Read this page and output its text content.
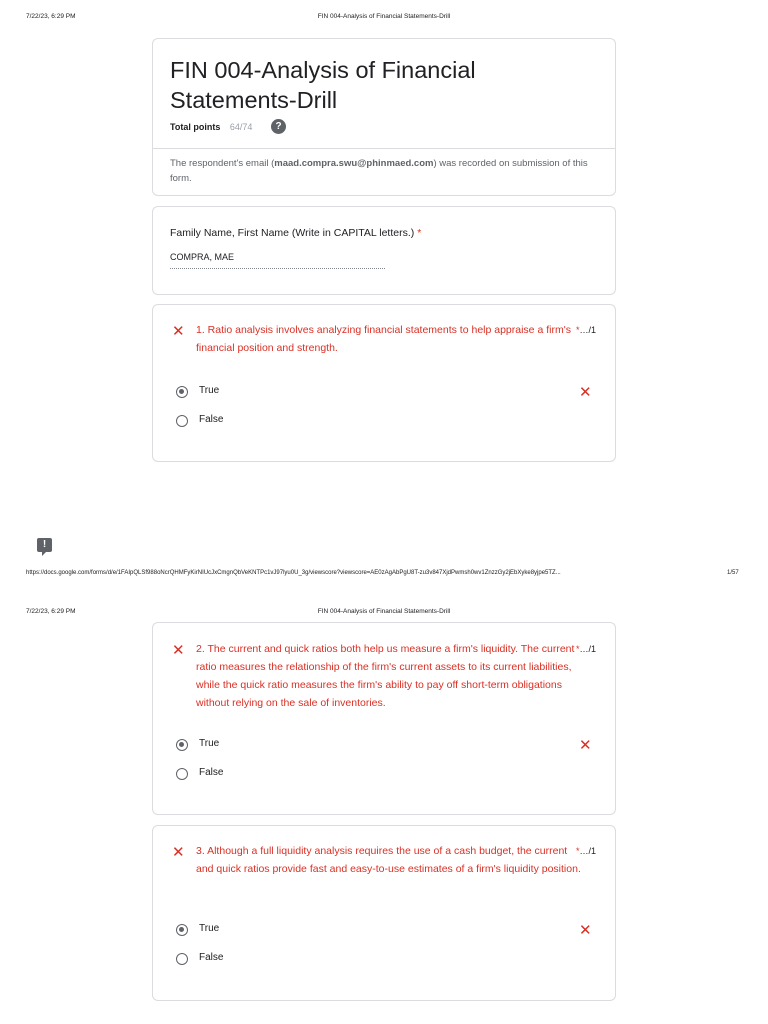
7/22/23, 6:29 PM	FIN 004-Analysis of Financial Statements-Drill
FIN 004-Analysis of Financial Statements-Drill
Total points 64/74	?
The respondent's email (maad.compra.swu@phinmaed.com) was recorded on submission of this form.
Family Name, First Name (Write in CAPITAL letters.) *
COMPRA, MAE
✕ 1. Ratio analysis involves analyzing financial statements to help appraise a firm's financial position and strength.
*…/1
True	✕
False
!
https://docs.google.com/forms/d/e/1FAIpQLSf988oNcrQHMFyKirNIUcJxCmgnQbVeKNTPc1vJ97lyu0U_3g/viewscore?viewscore=AE0zAgAbPgU8T-zu3v847XjdPwmsh0wv1ZnzzGy2jEbXyke8yjpe5TZ...	1/57
7/22/23, 6:29 PM	FIN 004-Analysis of Financial Statements-Drill
✕ 2. The current and quick ratios both help us measure a firm's liquidity. The current ratio measures the relationship of the firm's current assets to its current liabilities, while the quick ratio measures the firm's ability to pay off short-term obligations without relying on the sale of inventories.
*…/1
True	✕
False
✕ 3. Although a full liquidity analysis requires the use of a cash budget, the current and quick ratios provide fast and easy-to-use estimates of a firm's liquidity position.
*…/1
True	✕
False
